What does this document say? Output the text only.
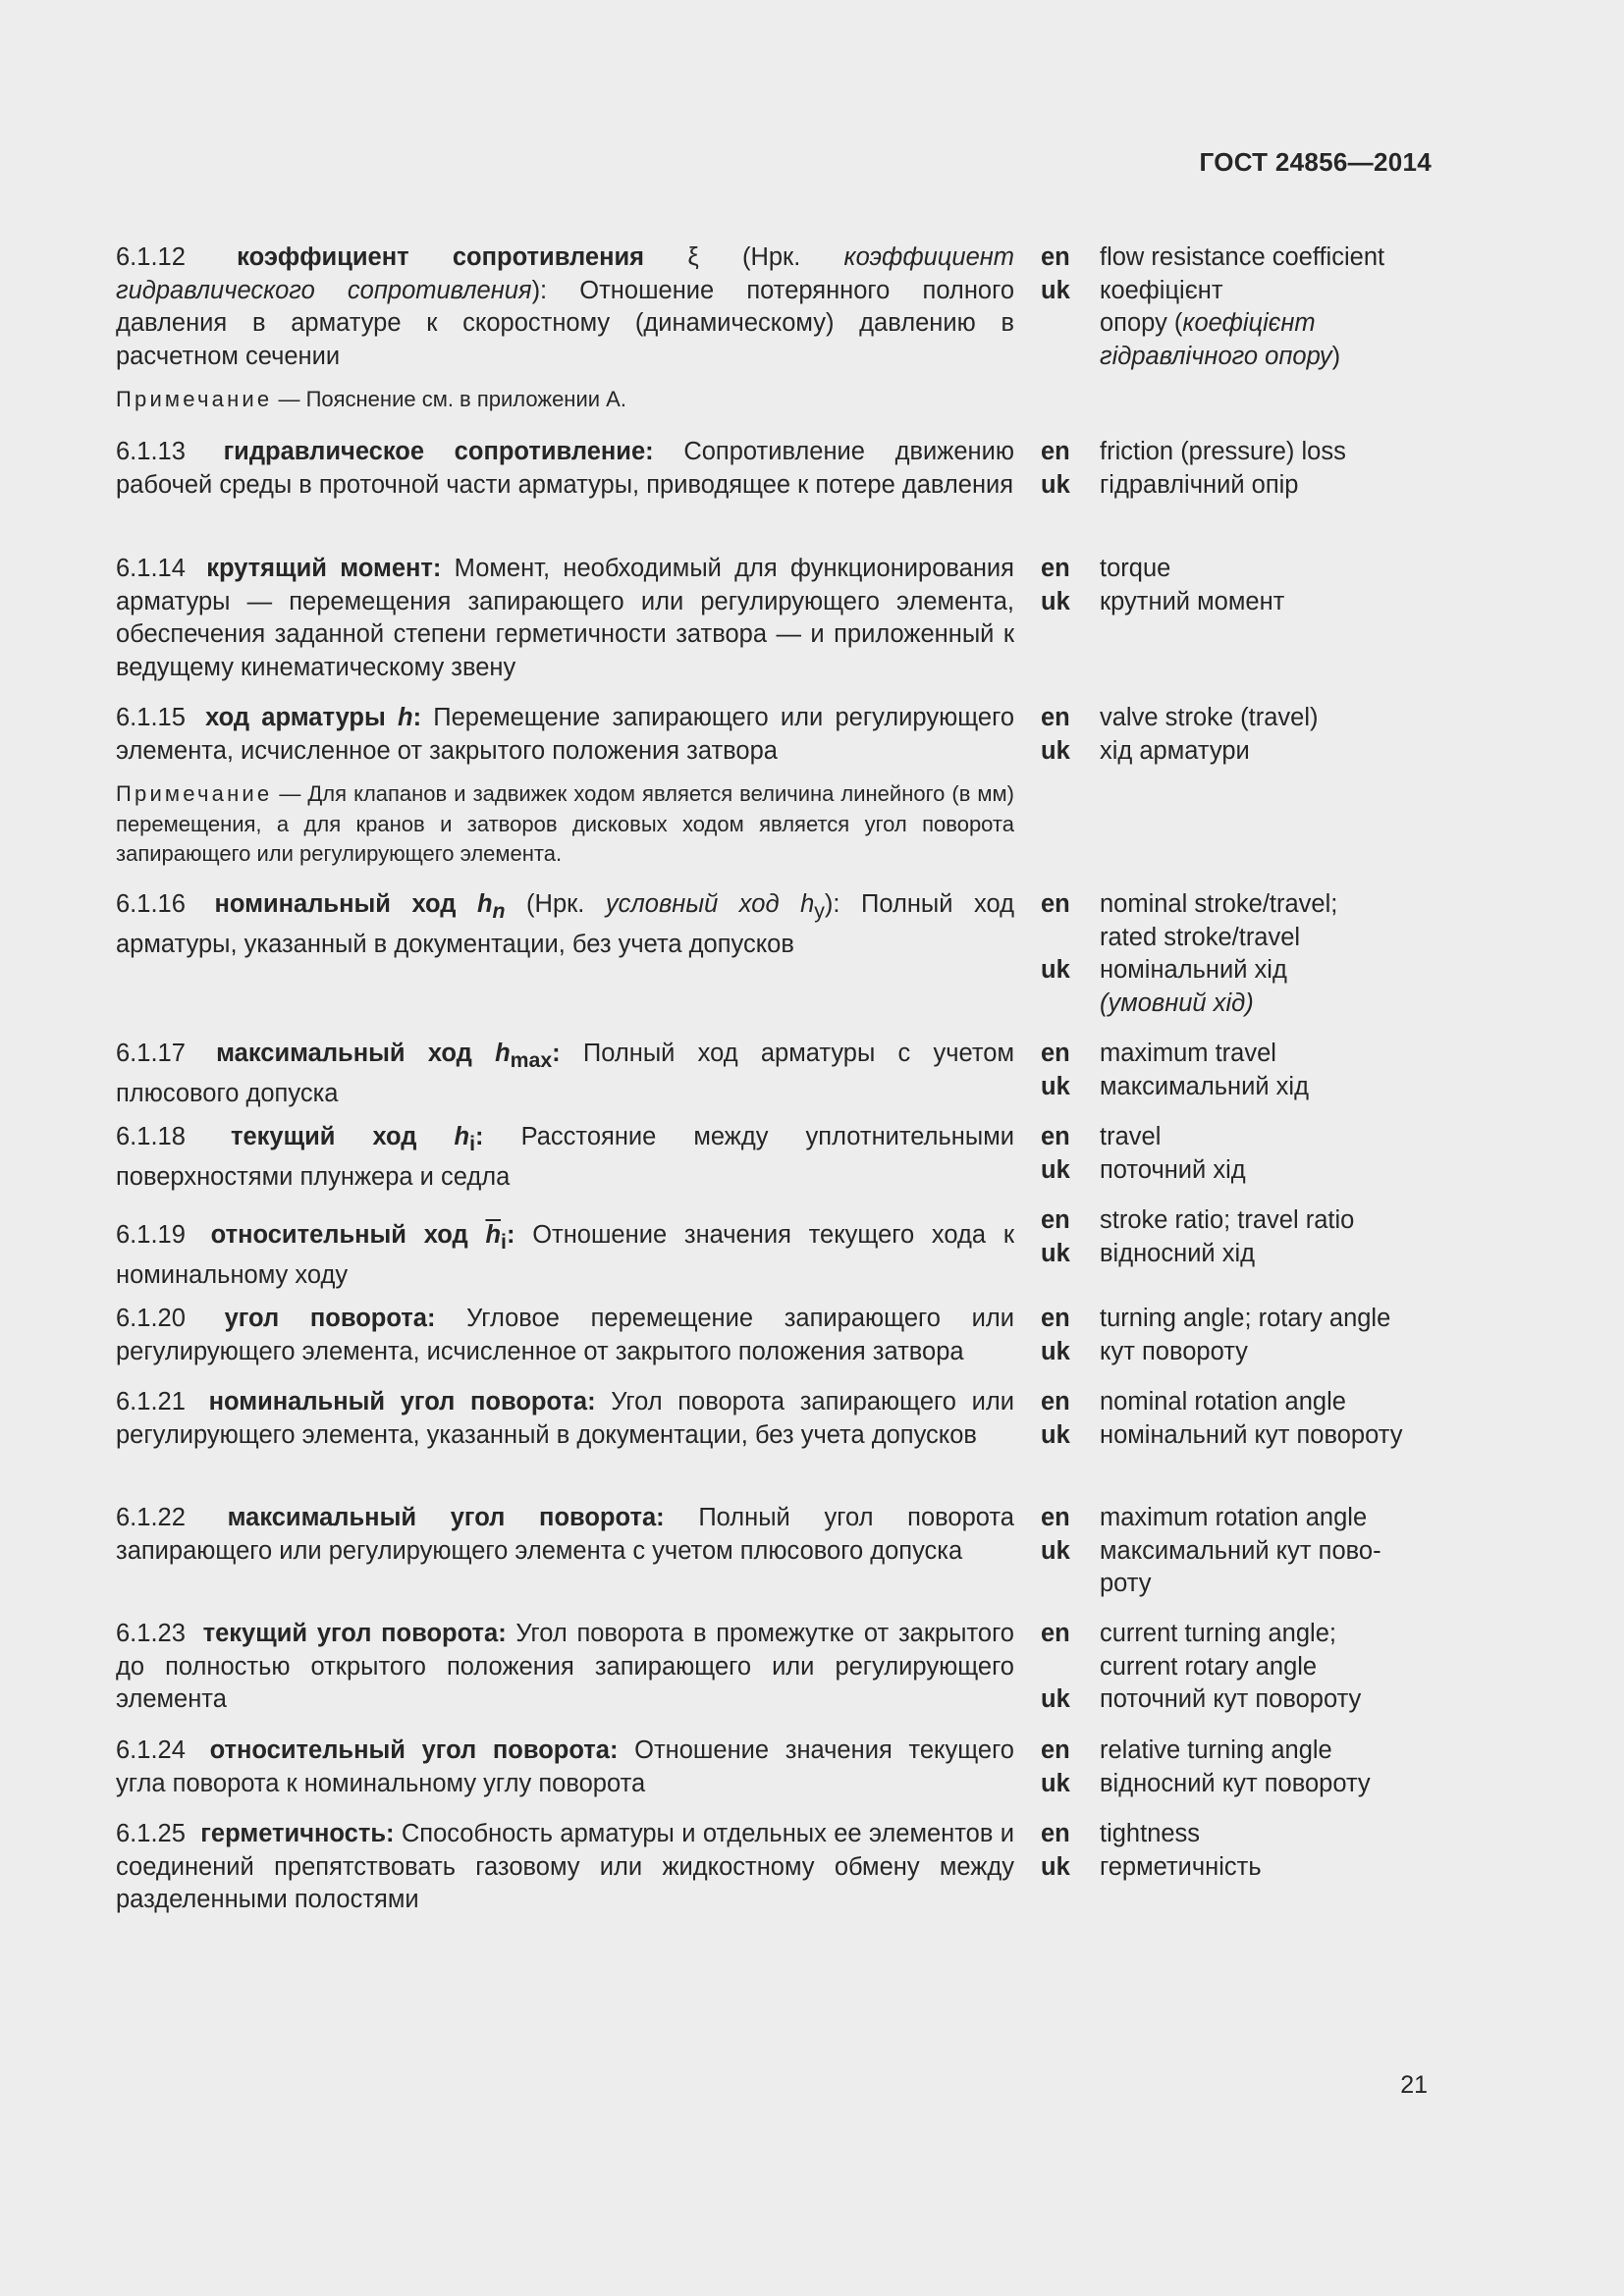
ГОСТ 24856—2014
6.1.12 коэффициент сопротивления ξ (Нрк. коэффициент гидравлического сопротивления): Отношение потерянного полного давления в арматуре к скоростному (динамическому) давлению в расчетном сечении
Примечание — Пояснение см. в приложении А.
en	flow resistance coefficient
uk	коефіцієнт
опору (коефіцієнт гідравлічного опору)
6.1.13 гидравлическое сопротивление: Сопротивление движению рабочей среды в проточной части арматуры, приводящее к потере давления
en	friction (pressure) loss
uk	гідравлічний опір
6.1.14 крутящий момент: Момент, необходимый для функционирования арматуры — перемещения запирающего или регулирующего элемента, обеспечения заданной степени герметичности затвора — и приложенный к ведущему кинематическому звену
en	torque
uk	крутний момент
6.1.15 ход арматуры h: Перемещение запирающего или регулирующего элемента, исчисленное от закрытого положения затвора
Примечание — Для клапанов и задвижек ходом является величина линейного (в мм) перемещения, а для кранов и затворов дисковых ходом является угол поворота запирающего или регулирующего элемента.
en	valve stroke (travel)
uk	хід арматури
6.1.16 номинальный ход $h_n$ (Нрк. условный ход $h_y$): Полный ход арматуры, указанный в документации, без учета допусков
en	nominal stroke/travel;
rated stroke/travel
uk	номінальний хід
(умовний хід)
6.1.17 максимальный ход $h_{max}$: Полный ход арматуры с учетом плюсового допуска
en	maximum travel
uk	максимальний хід
6.1.18 текущий ход $h_i$: Расстояние между уплотнительными поверхностями плунжера и седла
en	travel
uk	поточний хід
6.1.19 относительный ход $\overline{h}_i$: Отношение значения текущего хода к номинальному ходу
en	stroke ratio; travel ratio
uk	відносний хід
6.1.20 угол поворота: Угловое перемещение запирающего или регулирующего элемента, исчисленное от закрытого положения затвора
en	turning angle; rotary angle
uk	кут повороту
6.1.21 номинальный угол поворота: Угол поворота запирающего или регулирующего элемента, указанный в документации, без учета допусков
en	nominal rotation angle
uk	номінальний кут повороту
6.1.22 максимальный угол поворота: Полный угол поворота запирающего или регулирующего элемента с учетом плюсового допуска
en	maximum rotation angle
uk	максимальний кут пово-
роту
6.1.23 текущий угол поворота: Угол поворота в промежутке от закрытого до полностью открытого положения запирающего или регулирующего элемента
en	current turning angle;
current rotary angle
uk	поточний кут повороту
6.1.24 относительный угол поворота: Отношение значения текущего угла поворота к номинальному углу поворота
en	relative turning angle
uk	відносний кут повороту
6.1.25 герметичность: Способность арматуры и отдельных ее элементов и соединений препятствовать газовому или жидкостному обмену между разделенными полостями
en	tightness
uk	герметичність
21
